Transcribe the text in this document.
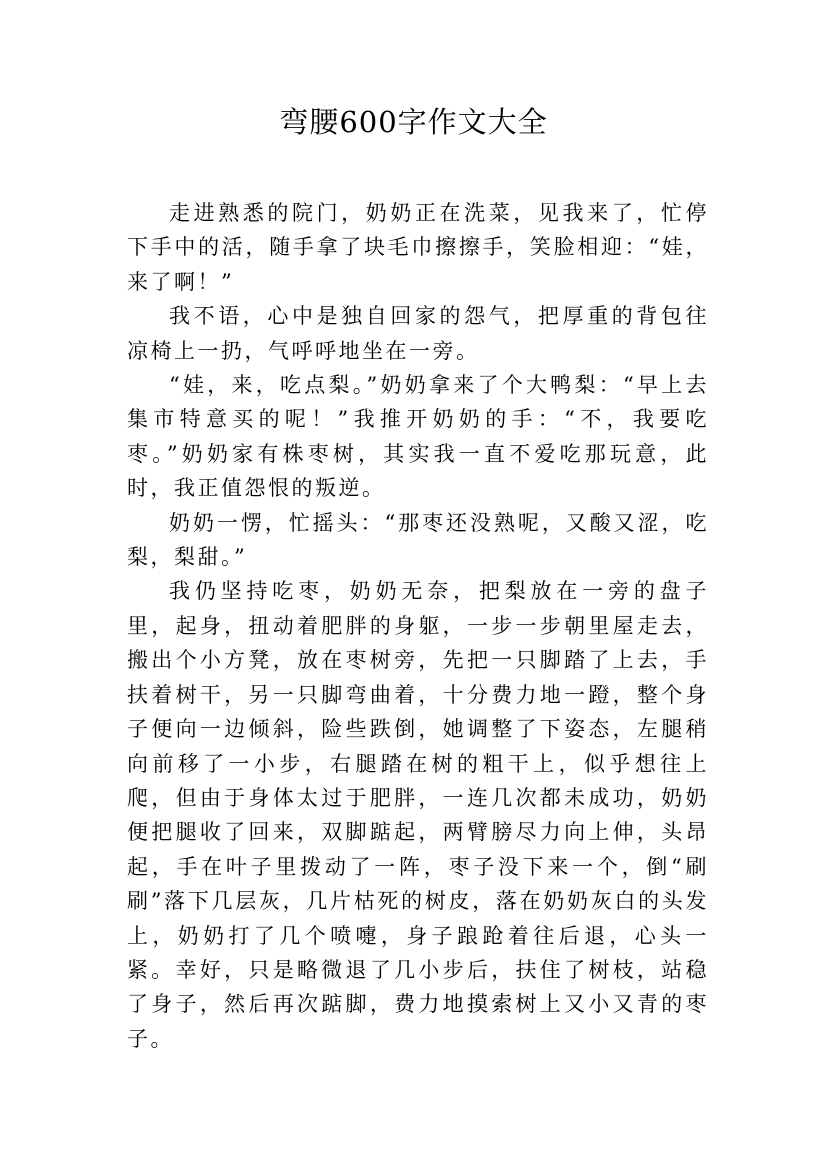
弯腰600字作文大全

走进熟悉的院门，奶奶正在洗菜，见我来了，忙停下手中的活，随手拿了块毛巾擦擦手，笑脸相迎：“娃，来了啊！”

我不语，心中是独自回家的怨气，把厚重的背包往凉椅上一扔，气呼呼地坐在一旁。

“娃，来，吃点梨。”奶奶拿来了个大鸭梨：“早上去集市特意买的呢！”我推开奶奶的手：“不，我要吃枣。”奶奶家有株枣树，其实我一直不爱吃那玩意，此时，我正值怨恨的叛逆。

奶奶一愣，忙摇头：“那枣还没熟呢，又酸又涩，吃梨，梨甜。”

我仍坚持吃枣，奶奶无奈，把梨放在一旁的盘子里，起身，扭动着肥胖的身躯，一步一步朝里屋走去，搬出个小方凳，放在枣树旁，先把一只脚踏了上去，手扶着树干，另一只脚弯曲着，十分费力地一蹬，整个身子便向一边倾斜，险些跌倒，她调整了下姿态，左腿稍向前移了一小步，右腿踏在树的粗干上，似乎想往上爬，但由于身体太过于肥胖，一连几次都未成功，奶奶便把腿收了回来，双脚踮起，两臂膀尽力向上伸，头昂起，手在叶子里拨动了一阵，枣子没下来一个，倒“刷刷”落下几层灰，几片枯死的树皮，落在奶奶灰白的头发上，奶奶打了几个喷嚏，身子踉跄着往后退，心头一紧。幸好，只是略微退了几小步后，扶住了树枝，站稳了身子，然后再次踮脚，费力地摸索树上又小又青的枣子。
